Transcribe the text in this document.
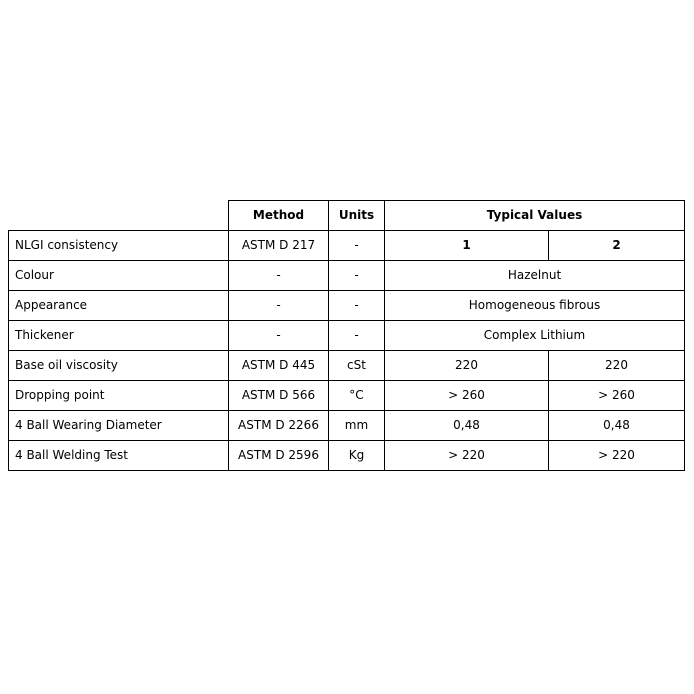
	Method	Units	Typical Values	
NLGI consistency	ASTM D 217	-	1	2
Colour	-	-	Hazelnut	
Appearance	-	-	Homogeneous fibrous	
Thickener	-	-	Complex Lithium	
Base oil viscosity	ASTM D 445	cSt	220	220
Dropping point	ASTM D 566	°C	> 260	> 260
4 Ball Wearing Diameter	ASTM D 2266	mm	0,48	0,48
4 Ball Welding Test	ASTM D 2596	Kg	> 220	> 220
